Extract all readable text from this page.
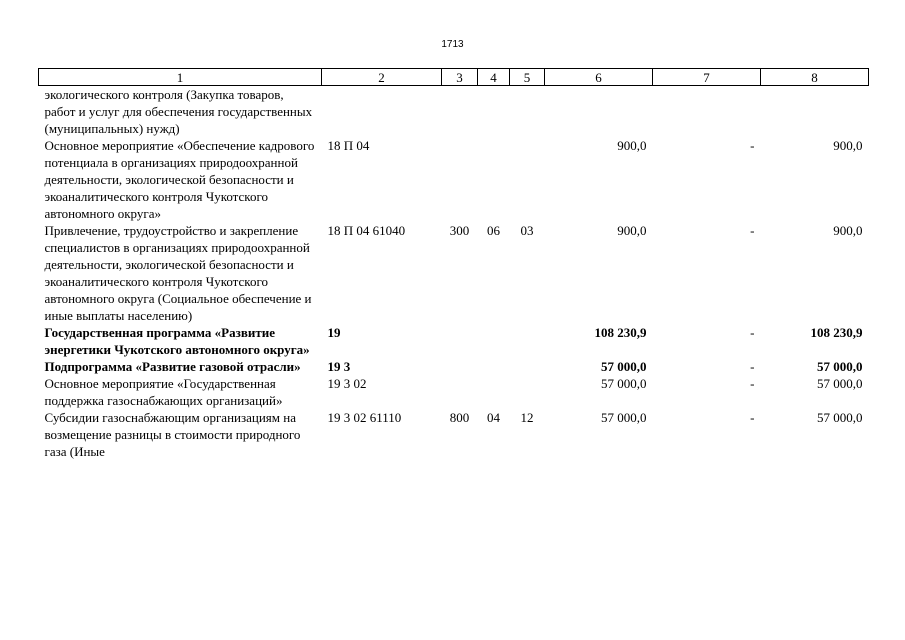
1713
1	2	3	4	5	6	7	8
экологического контроля (Закупка товаров, работ и услуг для обеспечения государственных (муниципальных) нужд)							
Основное мероприятие «Обеспечение кадрового потенциала в организациях природоохранной деятельности, экологической безопасности и экоаналитического контроля Чукотского автономного округа»	18 П 04				900,0	-	900,0
Привлечение, трудоустройство и закрепление специалистов в организациях природоохранной деятельности, экологической безопасности и экоаналитического контроля Чукотского автономного округа (Социальное обеспечение и иные выплаты населению)	18 П 04 61040	300	06	03	900,0	-	900,0
Государственная программа «Развитие энергетики Чукотского автономного округа»	19				108 230,9	-	108 230,9
Подпрограмма «Развитие газовой отрасли»	19 3				57 000,0	-	57 000,0
Основное мероприятие «Государственная поддержка газоснабжающих организаций»	19 3 02				57 000,0	-	57 000,0
Субсидии газоснабжающим организациям на возмещение разницы в стоимости природного газа (Иные	19 3 02 61110	800	04	12	57 000,0	-	57 000,0
